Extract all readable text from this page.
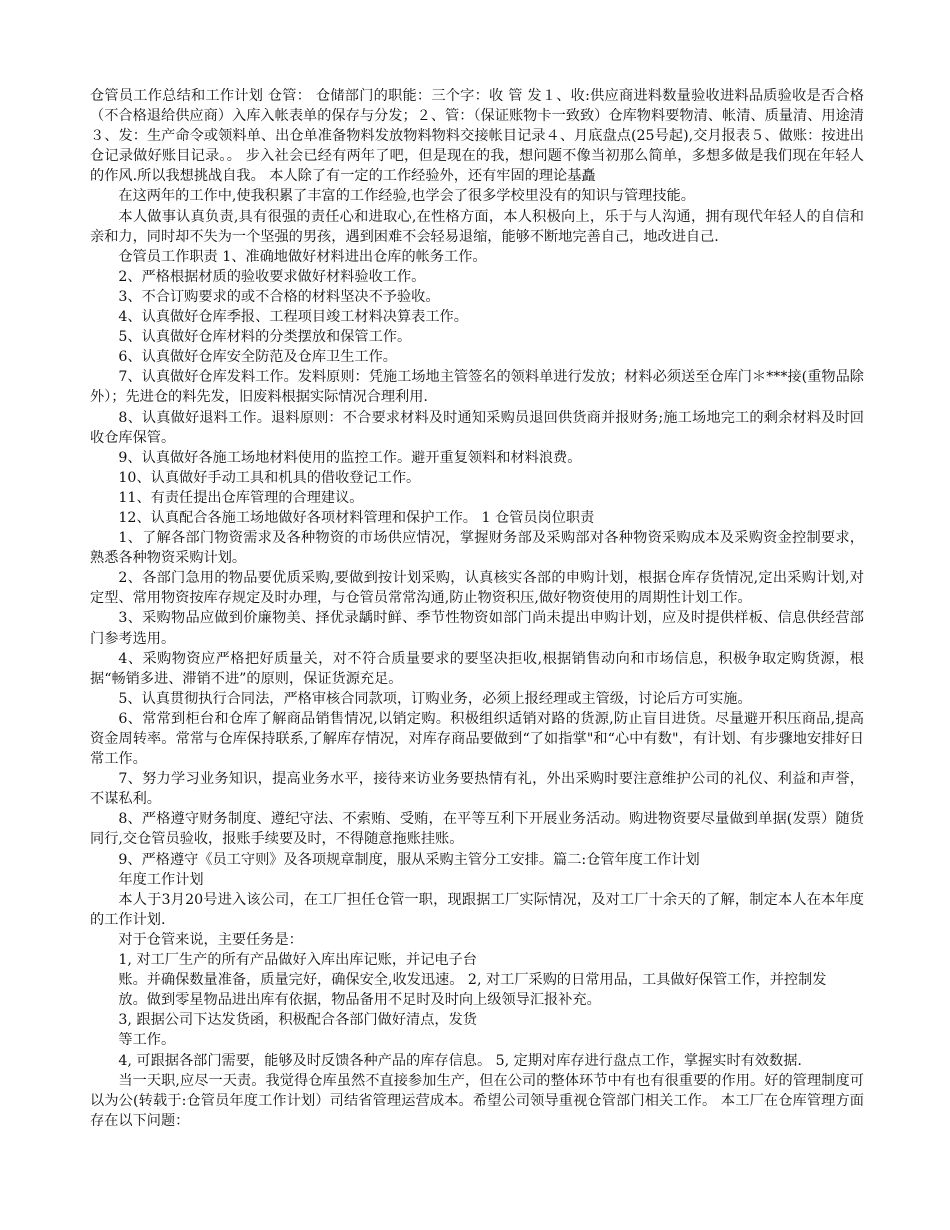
仓管员工作总结和工作计划 仓管： 仓储部门的职能：三个字：收 管 发１、收:供应商进料数量验收进料品质验收是否合格（不合格退给供应商）入库入帐表单的保存与分发；２、管：（保证账物卡一致致）仓库物料要物清、帐清、质量清、用途清３、发：生产命令或领料单、出仓单准备物料发放物料物料交接帐目记录４、月底盘点(25号起),交月报表５、做账：按进出仓记录做好账目记录。。 步入社会已经有两年了吧，但是现在的我，想问题不像当初那么简单，多想多做是我们现在年轻人的作风.所以我想挑战自我。 本人除了有一定的工作经验外，还有牢固的理论基矗

在这两年的工作中,使我积累了丰富的工作经验,也学会了很多学校里没有的知识与管理技能。

本人做事认真负责,具有很强的责任心和进取心,在性格方面，本人积极向上，乐于与人沟通，拥有现代年轻人的自信和亲和力，同时却不失为一个坚强的男孩，遇到困难不会轻易退缩，能够不断地完善自己，地改进自己.

仓管员工作职责 1、准确地做好材料进出仓库的帐务工作。

2、严格根据材质的验收要求做好材料验收工作。

3、不合订购要求的或不合格的材料坚决不予验收。

4、认真做好仓库季报、工程项目竣工材料决算表工作。

5、认真做好仓库材料的分类摆放和保管工作。

6、认真做好仓库安全防范及仓库卫生工作。

7、认真做好仓库发料工作。发料原则：凭施工场地主管签名的领料单进行发放；材料必须送至仓库门＊***接(重物品除外）；先进仓的料先发，旧废料根据实际情况合理利用.

8、认真做好退料工作。退料原则：不合要求材料及时通知采购员退回供货商并报财务;施工场地完工的剩余材料及时回收仓库保管。

9、认真做好各施工场地材料使用的监控工作。避开重复领料和材料浪费。

10、认真做好手动工具和机具的借收登记工作。

11、有责任提出仓库管理的合理建议。

12、认真配合各施工场地做好各项材料管理和保护工作。 1 仓管员岗位职责

1、了解各部门物资需求及各种物资的市场供应情况，掌握财务部及采购部对各种物资采购成本及采购资金控制要求，熟悉各种物资采购计划。

2、各部门急用的物品要优质采购,要做到按计划采购，认真核实各部的申购计划，根据仓库存货情况,定出采购计划,对定型、常用物资按库存规定及时办理，与仓管员常常沟通,防止物资积压,做好物资使用的周期性计划工作。

3、采购物品应做到价廉物美、择优录龋时鲜、季节性物资如部门尚未提出申购计划，应及时提供样板、信息供经营部门参考选用。

4、采购物资应严格把好质量关，对不符合质量要求的要坚决拒收,根据销售动向和市场信息，积极争取定购货源，根据“畅销多进、滞销不进”的原则，保证货源充足。

5、认真贯彻执行合同法，严格审核合同款项，订购业务，必须上报经理或主管级，讨论后方可实施。

6、常常到柜台和仓库了解商品销售情况,以销定购。积极组织适销对路的货源,防止盲目进货。尽量避开积压商品,提高资金周转率。常常与仓库保持联系,了解库存情况，对库存商品要做到“了如指掌"和“心中有数"，有计划、有步骤地安排好日常工作。

7、努力学习业务知识，提高业务水平，接待来访业务要热情有礼，外出采购时要注意维护公司的礼仪、利益和声誉，不谋私利。

8、严格遵守财务制度、遵纪守法、不索贿、受贿，在平等互利下开展业务活动。购进物资要尽量做到单据(发票）随货同行,交仓管员验收，报账手续要及时，不得随意拖账挂账。

9、严格遵守《员工守则》及各项规章制度，服从采购主管分工安排。篇二:仓管年度工作计划

年度工作计划

本人于3月20号进入该公司，在工厂担任仓管一职，现跟据工厂实际情况，及对工厂十余天的了解，制定本人在本年度的工作计划.

对于仓管来说，主要任务是：

1, 对工厂生产的所有产品做好入库出库记账，并记电子台

账。并确保数量准备，质量完好，确保安全,收发迅速。 2, 对工厂采购的日常用品，工具做好保管工作，并控制发

放。做到零星物品进出库有依据，物品备用不足时及时向上级领导汇报补充。

3, 跟据公司下达发货函，积极配合各部门做好清点，发货

等工作。

4, 可跟据各部门需要，能够及时反馈各种产品的库存信息。 5, 定期对库存进行盘点工作，掌握实时有效数据.

当一天职,应尽一天责。我觉得仓库虽然不直接参加生产，但在公司的整体环节中有也有很重要的作用。好的管理制度可以为公(转载于:仓管员年度工作计划）司结省管理运营成本。希望公司领导重视仓管部门相关工作。 本工厂在仓库管理方面存在以下问题：
